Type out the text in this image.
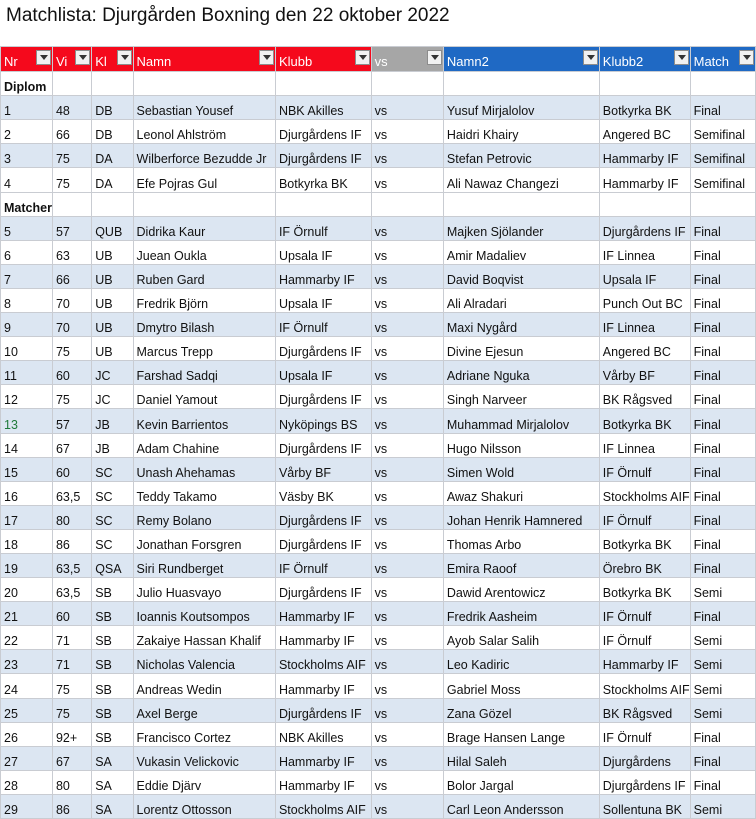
Matchlista: Djurgården Boxning den 22 oktober 2022
Nr	Vi	Kl	Namn	Klubb	vs	Namn2	Klubb2	Match

Diplom								
1	48	DB	Sebastian Yousef	NBK Akilles	vs	Yusuf Mirjalolov	Botkyrka BK	Final
2	66	DB	Leonol Ahlström	Djurgårdens IF	vs	Haidri Khairy	Angered BC	Semifinal
3	75	DA	Wilberforce Bezudde Jr	Djurgårdens IF	vs	Stefan Petrovic	Hammarby IF	Semifinal
4	75	DA	Efe Pojras Gul	Botkyrka BK	vs	Ali Nawaz Changezi	Hammarby IF	Semifinal
Matcher								
5	57	QUB	Didrika Kaur	IF Örnulf	vs	Majken Sjölander	Djurgårdens IF	Final
6	63	UB	Juean Oukla	Upsala IF	vs	Amir Madaliev	IF Linnea	Final
7	66	UB	Ruben Gard	Hammarby IF	vs	David Boqvist	Upsala IF	Final
8	70	UB	Fredrik Björn	Upsala IF	vs	Ali Alradari	Punch Out BC	Final
9	70	UB	Dmytro Bilash	IF Örnulf	vs	Maxi Nygård	IF Linnea	Final
10	75	UB	Marcus Trepp	Djurgårdens IF	vs	Divine Ejesun	Angered BC	Final
11	60	JC	Farshad Sadqi	Upsala IF	vs	Adriane Nguka	Vårby BF	Final
12	75	JC	Daniel Yamout	Djurgårdens IF	vs	Singh Narveer	BK Rågsved	Final
13	57	JB	Kevin Barrientos	Nyköpings BS	vs	Muhammad Mirjalolov	Botkyrka BK	Final
14	67	JB	Adam Chahine	Djurgårdens IF	vs	Hugo Nilsson	IF Linnea	Final
15	60	SC	Unash Ahehamas	Vårby BF	vs	Simen Wold	IF Örnulf	Final
16	63,5	SC	Teddy Takamo	Väsby BK	vs	Awaz Shakuri	Stockholms AIF	Final
17	80	SC	Remy Bolano	Djurgårdens IF	vs	Johan Henrik Hamnered	IF Örnulf	Final
18	86	SC	Jonathan Forsgren	Djurgårdens IF	vs	Thomas Arbo	Botkyrka BK	Final
19	63,5	QSA	Siri Rundberget	IF Örnulf	vs	Emira Raoof	Örebro BK	Final
20	63,5	SB	Julio Huasvayo	Djurgårdens IF	vs	Dawid Arentowicz	Botkyrka BK	Semi
21	60	SB	Ioannis Koutsompos	Hammarby IF	vs	Fredrik Aasheim	IF Örnulf	Final
22	71	SB	Zakaiye Hassan Khalif	Hammarby IF	vs	Ayob Salar Salih	IF Örnulf	Semi
23	71	SB	Nicholas Valencia	Stockholms AIF	vs	Leo Kadiric	Hammarby IF	Semi
24	75	SB	Andreas Wedin	Hammarby IF	vs	Gabriel Moss	Stockholms AIF	Semi
25	75	SB	Axel Berge	Djurgårdens IF	vs	Zana Gözel	BK Rågsved	Semi
26	92+	SB	Francisco Cortez	NBK Akilles	vs	Brage Hansen Lange	IF Örnulf	Final
27	67	SA	Vukasin Velickovic	Hammarby IF	vs	Hilal Saleh	Djurgårdens	Final
28	80	SA	Eddie Djärv	Hammarby IF	vs	Bolor Jargal	Djurgårdens IF	Final
29	86	SA	Lorentz Ottosson	Stockholms AIF	vs	Carl Leon Andersson	Sollentuna BK	Semi
